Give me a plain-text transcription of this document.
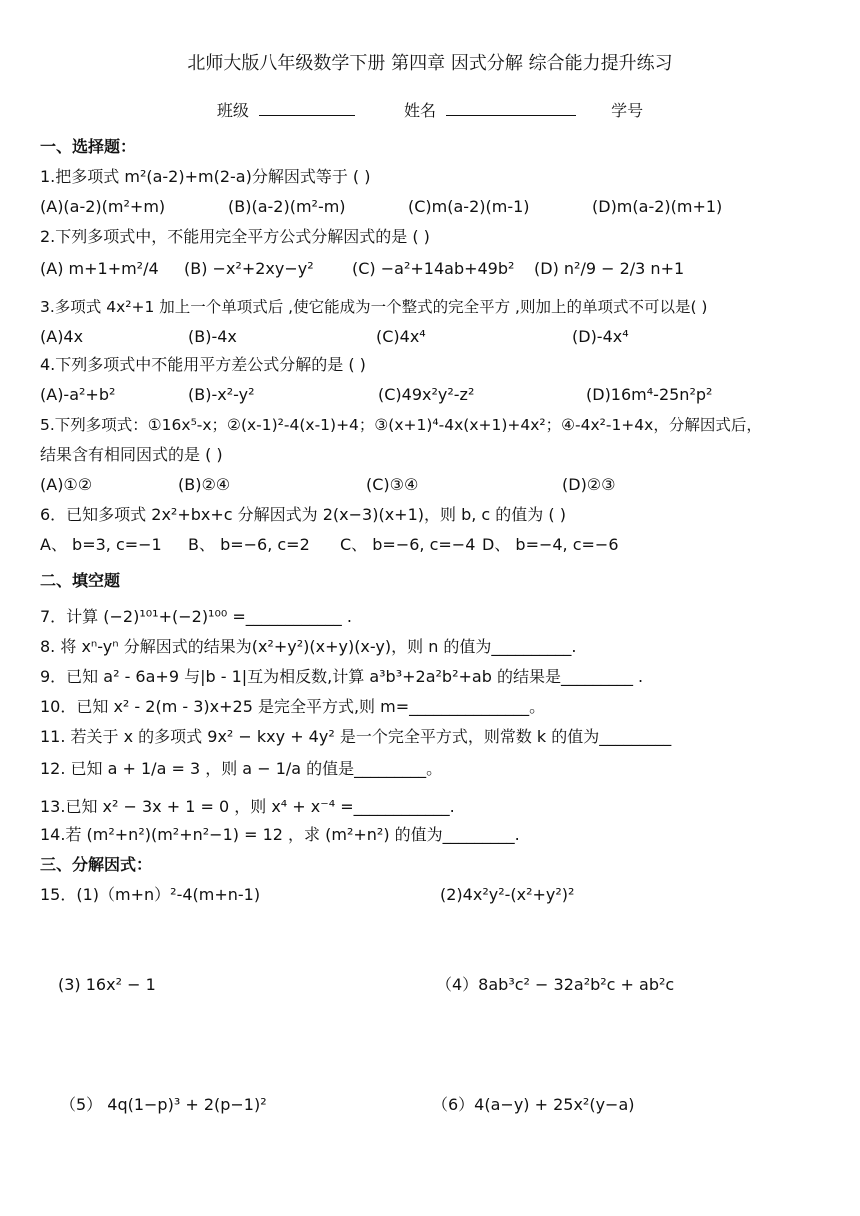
北师大版八年级数学下册 第四章 因式分解 综合能力提升练习
班级	姓名	学号
一、选择题：
1.把多项式 m²(a-2)+m(2-a)分解因式等于 ( )
(A)(a-2)(m²+m)	(B)(a-2)(m²-m)	(C)m(a-2)(m-1)	(D)m(a-2)(m+1)
2.下列多项式中，不能用完全平方公式分解因式的是 ( )
(A) m+1+m²/4 (B) −x²+2xy−y² (C) −a²+14ab+49b² (D) n²/9 − 2/3 n+1
3.多项式 4x²+1 加上一个单项式后 ,使它能成为一个整式的完全平方 ,则加上的单项式不可以是( )
(A)4x	(B)-4x	(C)4x⁴	(D)-4x⁴
4.下列多项式中不能用平方差公式分解的是 ( )
(A)-a²+b²	(B)-x²-y²	(C)49x²y²-z²	(D)16m⁴-25n²p²
5.下列多项式：①16x⁵-x；②(x-1)²-4(x-1)+4；③(x+1)⁴-4x(x+1)+4x²；④-4x²-1+4x，分解因式后，
结果含有相同因式的是 ( )
(A)①②	(B)②④	(C)③④	(D)②③
6．已知多项式 2x²+bx+c 分解因式为 2(x−3)(x+1)，则 b, c 的值为 ( )
A、 b=3, c=−1 B、 b=−6, c=2 C、 b=−6, c=−4 D、 b=−4, c=−6
二、填空题
7．计算 (−2)¹⁰¹+(−2)¹⁰⁰ =____________ .
8. 将 xⁿ-yⁿ 分解因式的结果为(x²+y²)(x+y)(x-y)，则 n 的值为__________.
9．已知 a² - 6a+9 与|b - 1|互为相反数,计算 a³b³+2a²b²+ab 的结果是_________ .
10．已知 x² - 2(m - 3)x+25 是完全平方式,则 m=_______________。
11. 若关于 x 的多项式 9x² − kxy + 4y² 是一个完全平方式，则常数 k 的值为_________
12. 已知 a + 1/a = 3 ，则 a − 1/a 的值是_________。
13.已知 x² − 3x + 1 = 0 ，则 x⁴ + x⁻⁴ =____________.
14.若 (m²+n²)(m²+n²−1) = 12 ，求 (m²+n²) 的值为_________.
三、分解因式：
15．(1)（m+n）²-4(m+n-1)	(2)4x²y²-(x²+y²)²
(3) 16x² − 1	（4）8ab³c² − 32a²b²c + ab²c
（5） 4q(1−p)³ + 2(p−1)²	（6）4(a−y) + 25x²(y−a)
